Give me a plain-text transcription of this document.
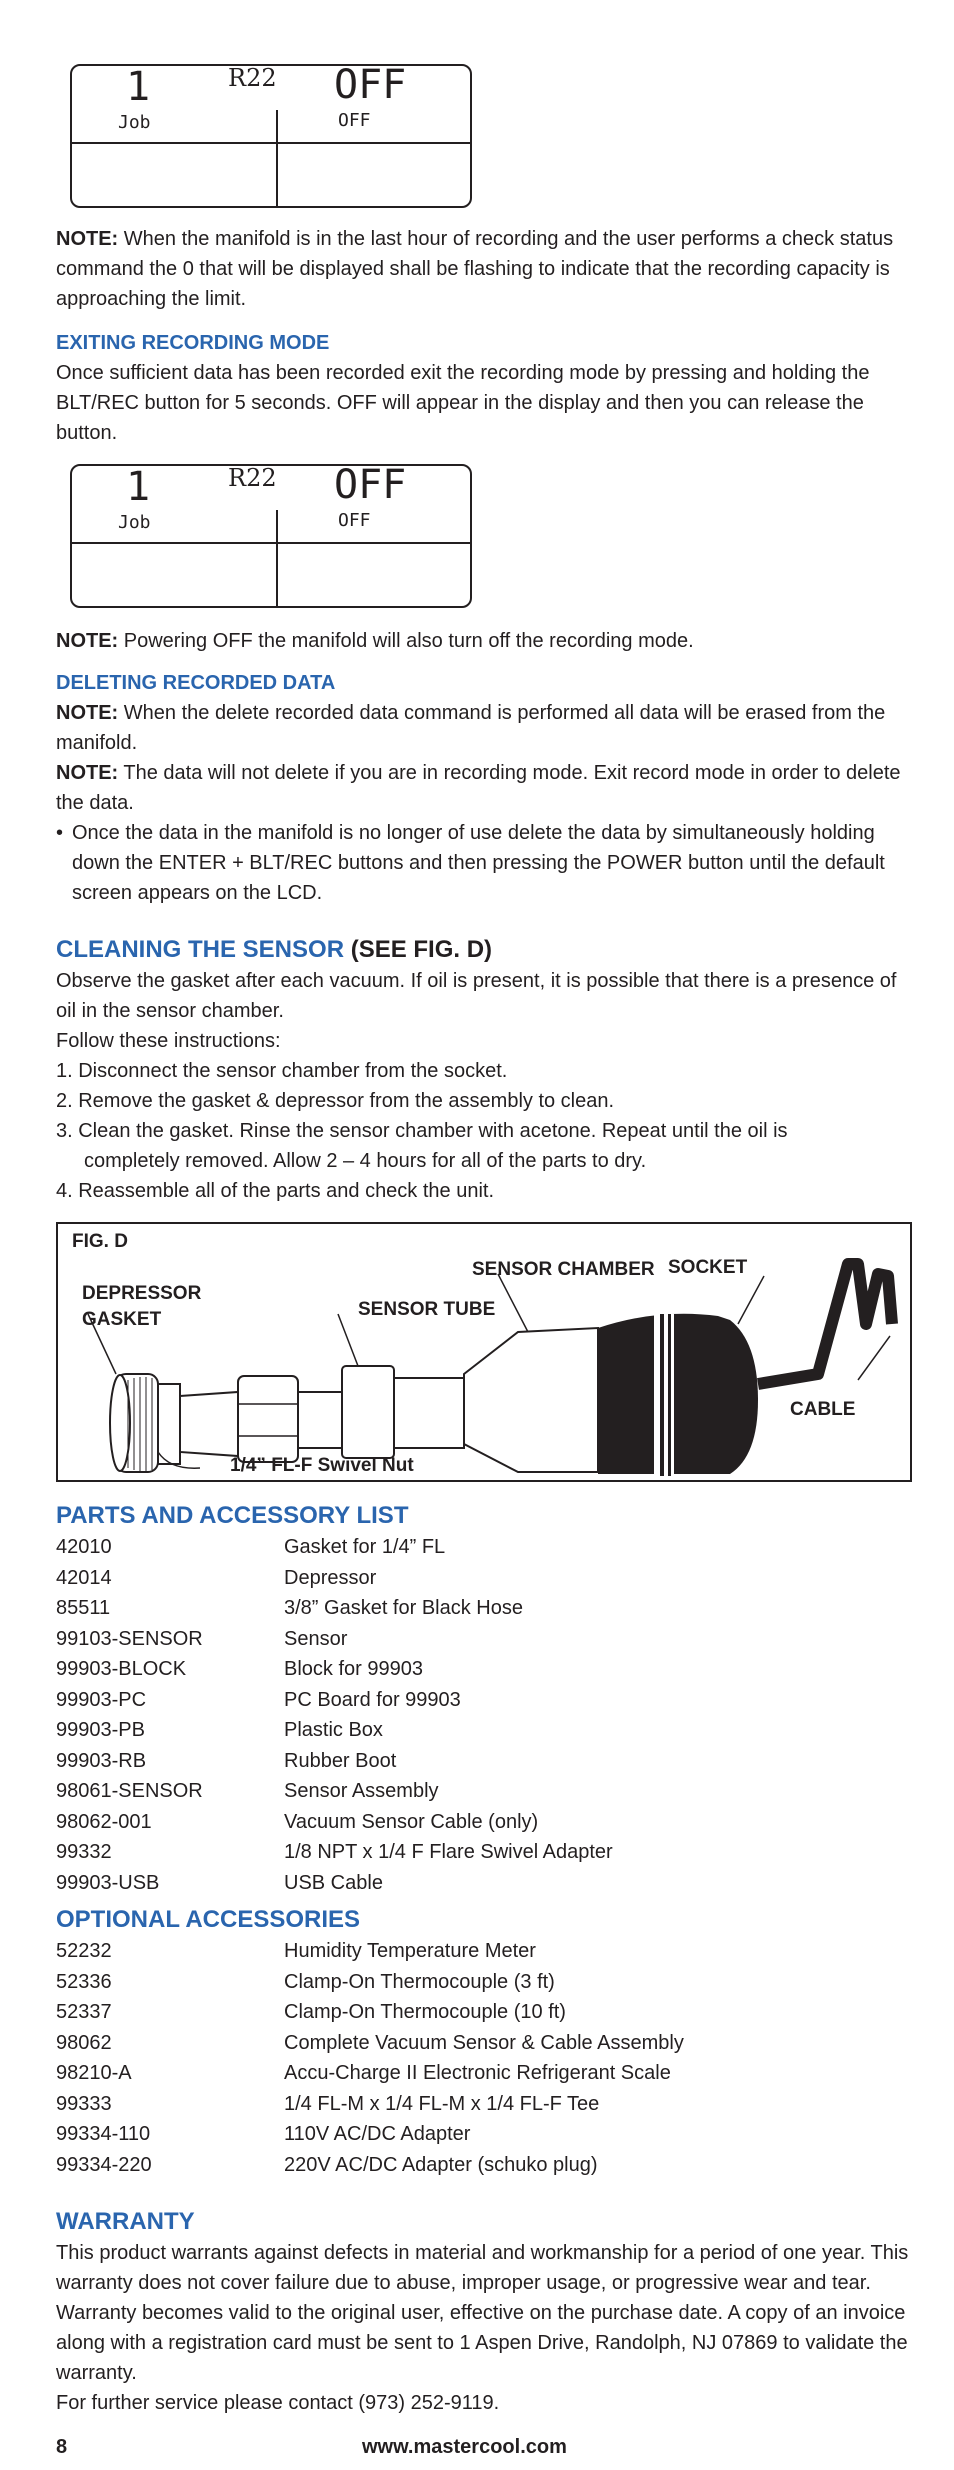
1	R22 OFF
Job	OFF

NOTE: When the manifold is in the last hour of recording and the user performs a check status command the 0 that will be displayed shall be flashing to indicate that the recording capacity is approaching the limit.

EXITING RECORDING MODE

Once sufficient data has been recorded exit the recording mode by pressing and holding the BLT/REC button for 5 seconds. OFF will appear in the display and then you can release the button.

1	R22 OFF
Job	OFF

NOTE: Powering OFF the manifold will also turn off the recording mode.

DELETING RECORDED DATA

NOTE: When the delete recorded data command is performed all data will be erased from the manifold.

NOTE: The data will not delete if you are in recording mode. Exit record mode in order to delete the data.

• Once the data in the manifold is no longer of use delete the data by simultaneously holding down the ENTER + BLT/REC buttons and then pressing the POWER button until the default screen appears on the LCD.

CLEANING THE SENSOR (SEE FIG. D)

Observe the gasket after each vacuum. If oil is present, it is possible that there is a presence of oil in the sensor chamber.

Follow these instructions:

1. Disconnect the sensor chamber from the socket.

2. Remove the gasket & depressor from the assembly to clean.

3. Clean the gasket. Rinse the sensor chamber with acetone. Repeat until the oil is

completely removed. Allow 2 – 4 hours for all of the parts to dry.

4. Reassemble all of the parts and check the unit.

FIG. D
DEPRESSOR
GASKET	SENSOR TUBE
SENSOR CHAMBER SOCKET
CABLE
1/4” FL-F Swivel Nut

PARTS AND ACCESSORY LIST

42010	Gasket for 1/4” FL
42014	Depressor
85511	3/8” Gasket for Black Hose
99103-SENSOR	Sensor
99903-BLOCK	Block for 99903
99903-PC	PC Board for 99903
99903-PB	Plastic Box
99903-RB	Rubber Boot
98061-SENSOR	Sensor Assembly
98062-001	Vacuum Sensor Cable (only)
99332	1/8 NPT x 1/4 F Flare Swivel Adapter
99903-USB	USB Cable

OPTIONAL ACCESSORIES

52232	Humidity Temperature Meter
52336	Clamp-On Thermocouple (3 ft)
52337	Clamp-On Thermocouple (10 ft)
98062	Complete Vacuum Sensor & Cable Assembly
98210-A	Accu-Charge II Electronic Refrigerant Scale
99333	1/4 FL-M x 1/4 FL-M x 1/4 FL-F Tee
99334-110	110V AC/DC Adapter
99334-220	220V AC/DC Adapter (schuko plug)

WARRANTY

This product warrants against defects in material and workmanship for a period of one year. This warranty does not cover failure due to abuse, improper usage, or progressive wear and tear. Warranty becomes valid to the original user, effective on the purchase date. A copy of an invoice along with a registration card must be sent to 1 Aspen Drive, Randolph, NJ 07869 to validate the warranty.

For further service please contact (973) 252-9119.

8	www.mastercool.com
